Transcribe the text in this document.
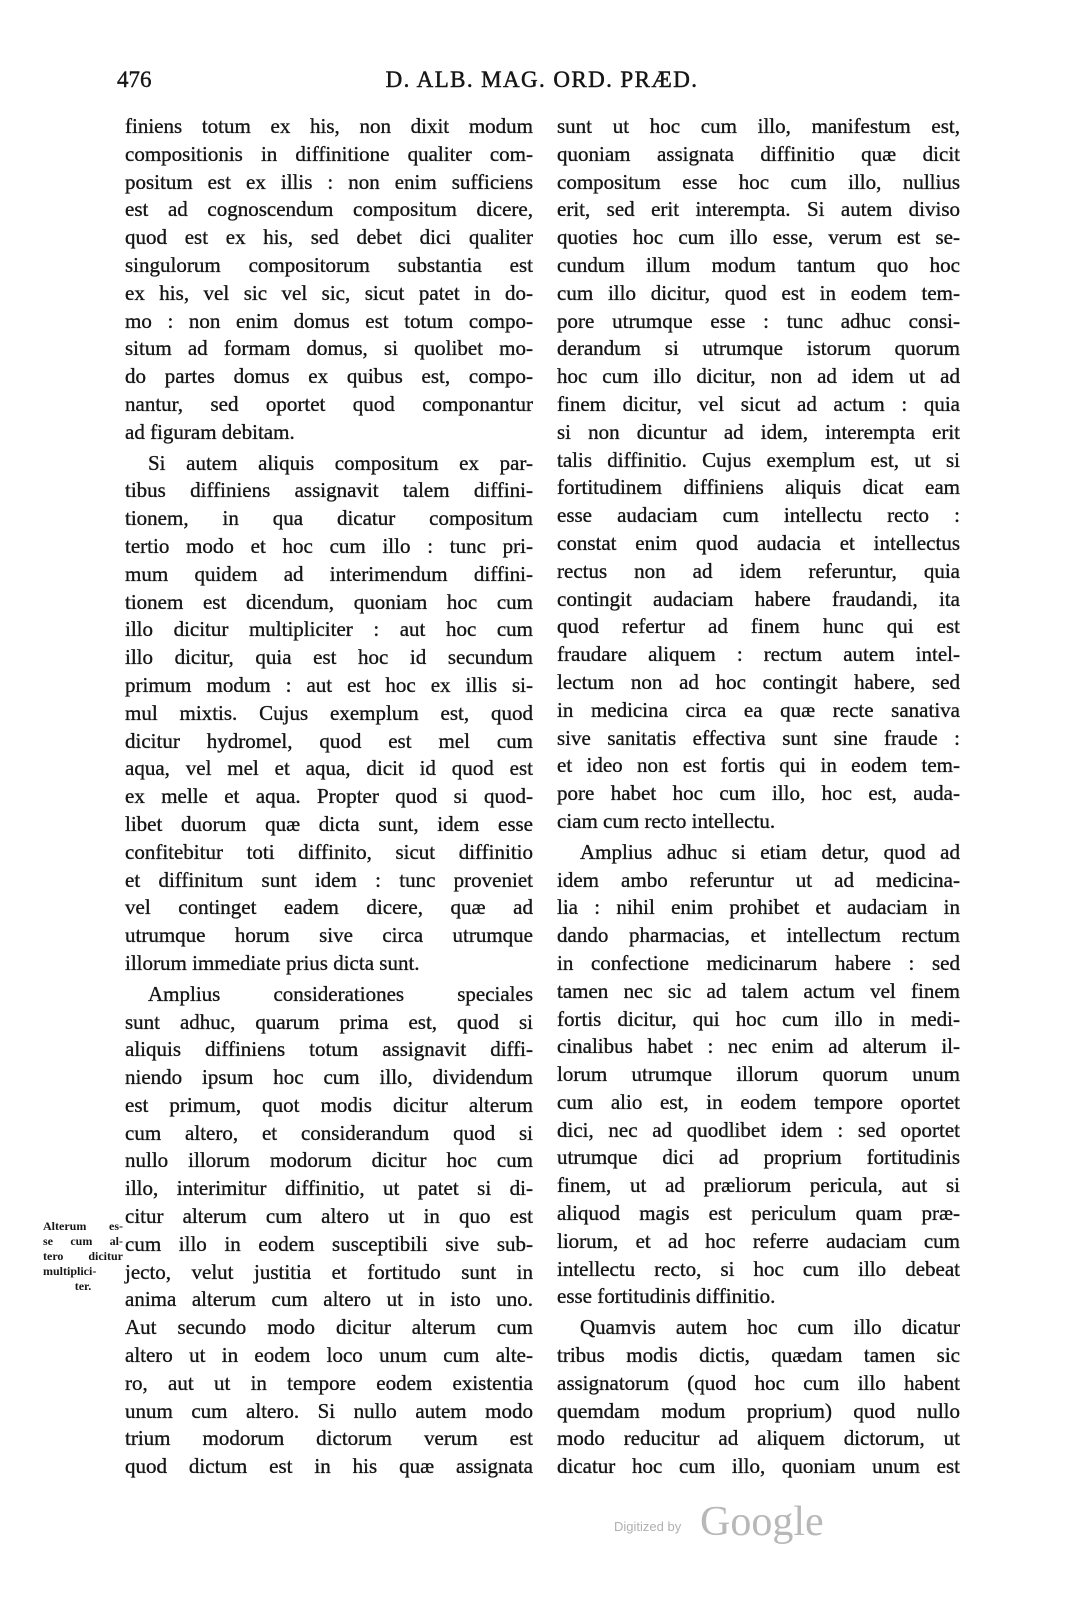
476	D. ALB. MAG. ORD. PRÆD.
finiens totum ex his, non dixit modum
compositionis in diffinitione qualiter com-
positum est ex illis : non enim sufficiens
est ad cognoscendum compositum dicere,
quod est ex his, sed debet dici qualiter
singulorum compositorum substantia est
ex his, vel sic vel sic, sicut patet in do-
mo : non enim domus est totum compo-
situm ad formam domus, si quolibet mo-
do partes domus ex quibus est, compo-
nantur, sed oportet quod componantur
ad figuram debitam.
Si autem aliquis compositum ex par-
tibus diffiniens assignavit talem diffini-
tionem, in qua dicatur compositum
tertio modo et hoc cum illo : tunc pri-
mum quidem ad interimendum diffini-
tionem est dicendum, quoniam hoc cum
illo dicitur multipliciter : aut hoc cum
illo dicitur, quia est hoc id secundum
primum modum : aut est hoc ex illis si-
mul mixtis. Cujus exemplum est, quod
dicitur hydromel, quod est mel cum
aqua, vel mel et aqua, dicit id quod est
ex melle et aqua. Propter quod si quod-
libet duorum quæ dicta sunt, idem esse
confitebitur toti diffinito, sicut diffinitio
et diffinitum sunt idem : tunc proveniet
vel continget eadem dicere, quæ ad
utrumque horum sive circa utrumque
illorum immediate prius dicta sunt.
Amplius considerationes speciales
sunt adhuc, quarum prima est, quod si
aliquis diffiniens totum assignavit diffi-
niendo ipsum hoc cum illo, dividendum
est primum, quot modis dicitur alterum
cum altero, et considerandum quod si
nullo illorum modorum dicitur hoc cum
illo, interimitur diffinitio, ut patet si di-
citur alterum cum altero ut in quo est
cum illo in eodem susceptibili sive sub-
jecto, velut justitia et fortitudo sunt in
anima alterum cum altero ut in isto uno.
Aut secundo modo dicitur alterum cum
altero ut in eodem loco unum cum alte-
ro, aut ut in tempore eodem existentia
unum cum altero. Si nullo autem modo
trium modorum dictorum verum est
quod dictum est in his quæ assignata
sunt ut hoc cum illo, manifestum est,
quoniam assignata diffinitio quæ dicit
compositum esse hoc cum illo, nullius
erit, sed erit interempta. Si autem diviso
quoties hoc cum illo esse, verum est se-
cundum illum modum tantum quo hoc
cum illo dicitur, quod est in eodem tem-
pore utrumque esse : tunc adhuc consi-
derandum si utrumque istorum quorum
hoc cum illo dicitur, non ad idem ut ad
finem dicitur, vel sicut ad actum : quia
si non dicuntur ad idem, interempta erit
talis diffinitio. Cujus exemplum est, ut si
fortitudinem diffiniens aliquis dicat eam
esse audaciam cum intellectu recto :
constat enim quod audacia et intellectus
rectus non ad idem referuntur, quia
contingit audaciam habere fraudandi, ita
quod refertur ad finem hunc qui est
fraudare aliquem : rectum autem intel-
lectum non ad hoc contingit habere, sed
in medicina circa ea quæ recte sanativa
sive sanitatis effectiva sunt sine fraude :
et ideo non est fortis qui in eodem tem-
pore habet hoc cum illo, hoc est, auda-
ciam cum recto intellectu.
Amplius adhuc si etiam detur, quod ad
idem ambo referuntur ut ad medicina-
lia : nihil enim prohibet et audaciam in
dando pharmacias, et intellectum rectum
in confectione medicinarum habere : sed
tamen nec sic ad talem actum vel finem
fortis dicitur, qui hoc cum illo in medi-
cinalibus habet : nec enim ad alterum il-
lorum utrumque illorum quorum unum
cum alio est, in eodem tempore oportet
dici, nec ad quodlibet idem : sed oportet
utrumque dici ad proprium fortitudinis
finem, ut ad præliorum pericula, aut si
aliquod magis est periculum quam præ-
liorum, et ad hoc referre audaciam cum
intellectu recto, si hoc cum illo debeat
esse fortitudinis diffinitio.
Quamvis autem hoc cum illo dicatur
tribus modis dictis, quædam tamen sic
assignatorum (quod hoc cum illo habent
quemdam modum proprium) quod nullo
modo reducitur ad aliquem dictorum, ut
dicatur hoc cum illo, quoniam unum est
Alterum es-
se cum al-
tero dicitur
multiplici-
ter.
Digitized by Google
